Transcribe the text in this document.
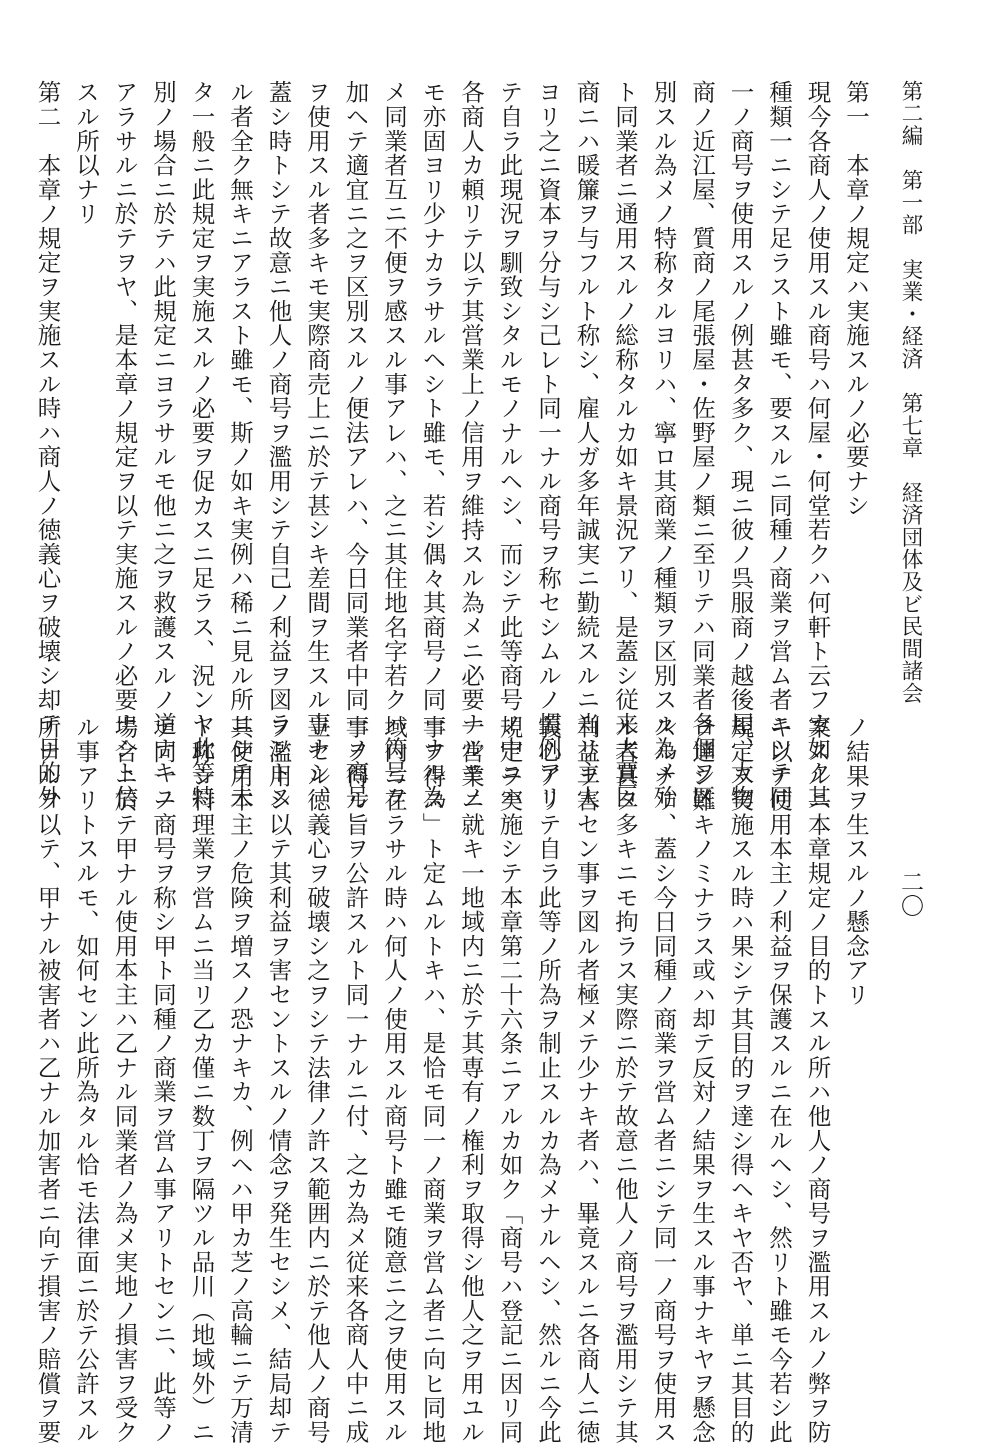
第二編　第一部　実業・経済　第七章　経済団体及ビ民間諸会
二〇

第一　本章ノ規定ハ実施スルノ必要ナシ

現今各商人ノ使用スル商号ハ何屋・何堂若クハ何軒ト云フカ如ク其

種類一ニシテ足ラスト雖モ、要スルニ同種ノ商業ヲ営ム者ニシテ同

一ノ商号ヲ使用スルノ例甚タ多ク、現ニ彼ノ呉服商ノ越後屋、太物

商ノ近江屋、質商ノ尾張屋・佐野屋ノ類ニ至リテハ同業者各個ヲ区

別スル為メノ特称タルヨリハ、寧ロ其商業ノ種類ヲ区別スル為メ殆

ト同業者ニ通用スルノ総称タルカ如キ景況アリ、是蓋シ従来大賈巨

商ニハ暖簾ヲ与フルト称シ、雇人ガ多年誠実ニ勤続スルニ当リ主人

ヨリ之ニ資本ヲ分与シ己レト同一ナル商号ヲ称セシムルノ慣例アリ

テ自ラ此現況ヲ馴致シタルモノナルヘシ、而シテ此等商号ノ中ニハ

各商人カ頼リテ以テ其営業上ノ信用ヲ維持スル為メニ必要ナルモノ

モ亦固ヨリ少ナカラサルヘシト雖モ、若シ偶々其商号ノ同一ナル為

メ同業者互ニ不便ヲ感スル事アレハ、之ニ其住地名字若クハ符号ヲ

加ヘテ適宜ニ之ヲ区別スルノ便法アレハ、今日同業者中同一ノ商号

ヲ使用スル者多キモ実際商売上ニ於テ甚シキ差間ヲ生スル事ナシ、

蓋シ時トシテ故意ニ他人ノ商号ヲ濫用シテ自己ノ利益ヲ図ラントス

ル者全ク無キニアラスト雖モ、斯ノ如キ実例ハ稀ニ見ル所ニシテ未

タ一般ニ此規定ヲ実施スルノ必要ヲ促カスニ足ラス、況ンヤ此等特

別ノ場合ニ於テハ此規定ニヨラサルモ他ニ之ヲ救護スルノ道ナキニ

アラサルニ於テヲヤ、是本章ノ規定ヲ以テ実施スルノ必要ナシト信

スル所以ナリ

第二　本章ノ規定ヲ実施スル時ハ商人ノ徳義心ヲ破壊シ却テ目的外

ノ結果ヲ生スルノ懸念アリ

案スルニ本章規定ノ目的トスル所ハ他人ノ商号ヲ濫用スルノ弊ヲ防

キ以テ使用本主ノ利益ヲ保護スルニ在ルヘシ、然リト雖モ今若シ此

規定ヲ実施スル時ハ果シテ其目的ヲ達シ得ヘキヤ否ヤ、単ニ其目的

ヲ達シ難キノミナラス或ハ却テ反対ノ結果ヲ生スル事ナキヤヲ懸念

スルナリ、蓋シ今日同種ノ商業ヲ営ム者ニシテ同一ノ商号ヲ使用ス

ル者甚タ多キニモ拘ラス実際ニ於テ故意ニ他人ノ商号ヲ濫用シテ其

利益ヲ害セン事ヲ図ル者極メテ少ナキ者ハ、畢竟スルニ各商人ニ徳

義心アリテ自ラ此等ノ所為ヲ制止スルカ為メナルヘシ、然ルニ今此

規定ヲ実施シテ本章第二十六条ニアルカ如ク「商号ハ登記ニ因リ同

一営業ニ就キ一地域内ニ於テ其専有ノ権利ヲ取得シ他人之ヲ用ユル

事ヲ得ス」ト定ムルトキハ、是恰モ同一ノ商業ヲ営ム者ニ向ヒ同地

域内ニ在ラサル時ハ何人ノ使用スル商号ト雖モ随意ニ之ヲ使用スル

事ヲ得ル旨ヲ公許スルト同一ナルニ付、之カ為メ従来各商人中ニ成

立セル徳義心ヲ破壊シ之ヲシテ法律ノ許ス範囲内ニ於テ他人ノ商号

ヲ濫用シ以テ其利益ヲ害セントスルノ情念ヲ発生セシメ、結局却テ

其使用本主ノ危険ヲ増スノ恐ナキカ、例ヘハ甲カ芝ノ高輪ニテ万清

ト称シ料理業ヲ営ムニ当リ乙カ僅ニ数丁ヲ隔ツル品川（地域外）ニ

テ同一ノ商号ヲ称シ甲ト同種ノ商業ヲ営ム事アリトセンニ、此等ノ

場合ニ於テ甲ナル使用本主ハ乙ナル同業者ノ為メ実地ノ損害ヲ受ク

ル事アリトスルモ、如何セン此所為タル恰モ法律面ニ於テ公許スル

所ナルヲ以テ、甲ナル被害者ハ乙ナル加害者ニ向テ損害ノ賠償ヲ要
